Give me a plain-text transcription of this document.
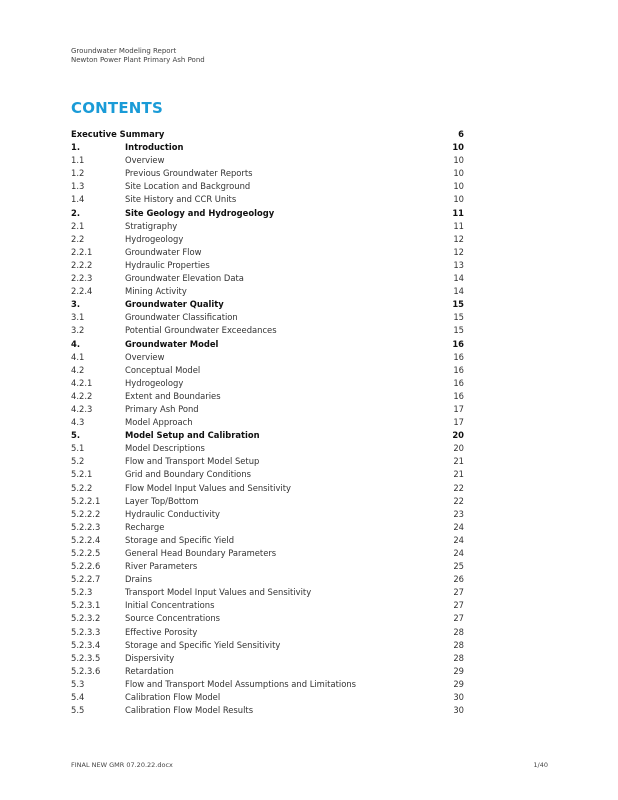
Groundwater Modeling Report
Newton Power Plant Primary Ash Pond
CONTENTS
Executive Summary	6
1.	Introduction	10
1.1	Overview	10
1.2	Previous Groundwater Reports	10
1.3	Site Location and Background	10
1.4	Site History and CCR Units	10
2.	Site Geology and Hydrogeology	11
2.1	Stratigraphy	11
2.2	Hydrogeology	12
2.2.1	Groundwater Flow	12
2.2.2	Hydraulic Properties	13
2.2.3	Groundwater Elevation Data	14
2.2.4	Mining Activity	14
3.	Groundwater Quality	15
3.1	Groundwater Classification	15
3.2	Potential Groundwater Exceedances	15
4.	Groundwater Model	16
4.1	Overview	16
4.2	Conceptual Model	16
4.2.1	Hydrogeology	16
4.2.2	Extent and Boundaries	16
4.2.3	Primary Ash Pond	17
4.3	Model Approach	17
5.	Model Setup and Calibration	20
5.1	Model Descriptions	20
5.2	Flow and Transport Model Setup	21
5.2.1	Grid and Boundary Conditions	21
5.2.2	Flow Model Input Values and Sensitivity	22
5.2.2.1	Layer Top/Bottom	22
5.2.2.2	Hydraulic Conductivity	23
5.2.2.3	Recharge	24
5.2.2.4	Storage and Specific Yield	24
5.2.2.5	General Head Boundary Parameters	24
5.2.2.6	River Parameters	25
5.2.2.7	Drains	26
5.2.3	Transport Model Input Values and Sensitivity	27
5.2.3.1	Initial Concentrations	27
5.2.3.2	Source Concentrations	27
5.2.3.3	Effective Porosity	28
5.2.3.4	Storage and Specific Yield Sensitivity	28
5.2.3.5	Dispersivity	28
5.2.3.6	Retardation	29
5.3	Flow and Transport Model Assumptions and Limitations	29
5.4	Calibration Flow Model	30
5.5	Calibration Flow Model Results	30
FINAL NEW GMR 07.20.22.docx	1/40
